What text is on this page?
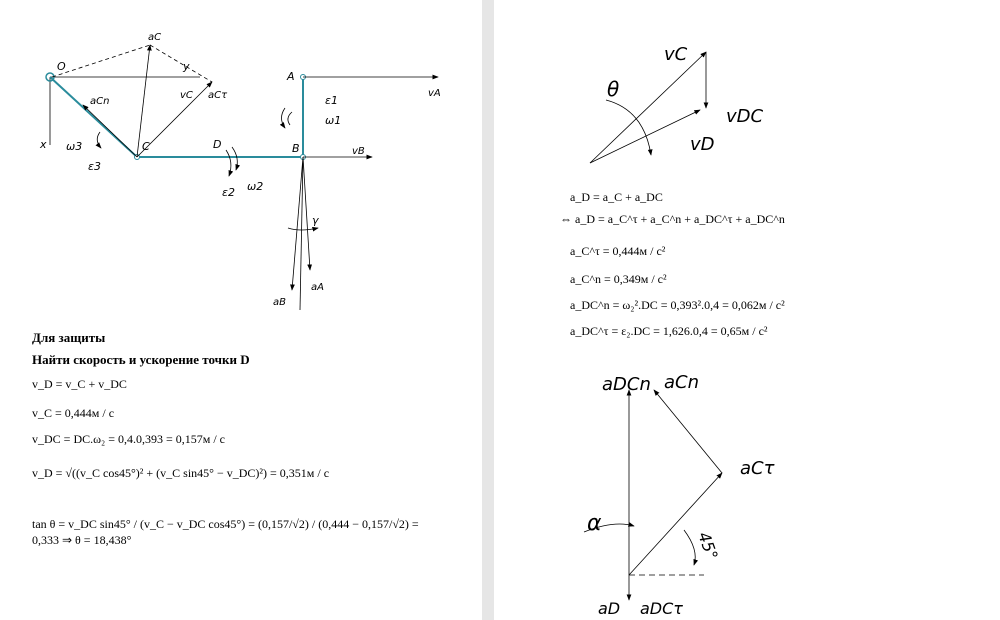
O
x
y
A
B
C	D
ε1
ω1
ε2 ω2
ε3
ω3
γ
vA
vB
vC
aC
aCn
aCτ
aA
aB
Для защиты
Найти скорость и ускорение точки D
v_D = v_C + v_DC
v_C = 0,444м / с
v_DC = DC.ω₂ = 0,4.0,393 = 0,157м / с
v_D = √((v_C cos45°)² + (v_C sin45° − v_DC)²) = 0,351м / с
tan θ = v_DC sin45° / (v_C − v_DC cos45°) = (0,157/√2) / (0,444 − 0,157/√2) = 0,333 ⇒ θ = 18,438°
θ
vC
vDC
vD
aDCn aCn
aCτ
α
45°
aD aDCτ
a_D = a_C + a_DC
⇔ a_D = a_C^τ + a_C^n + a_DC^τ + a_DC^n
a_C^τ = 0,444м / с²
a_C^n = 0,349м / с²
a_DC^n = ω₂².DC = 0,393².0,4 = 0,062м / с²
a_DC^τ = ε₂.DC = 1,626.0,4 = 0,65м / с²
